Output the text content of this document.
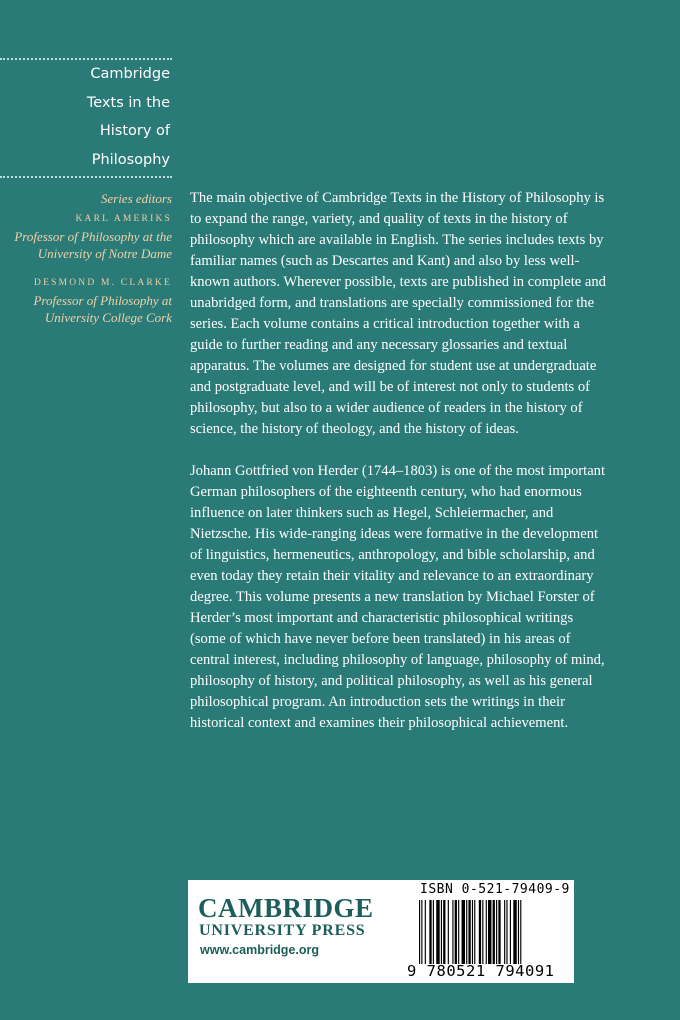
Cambridge
Texts in the
History of
Philosophy
Series editors
KARL AMERIKS
Professor of Philosophy at the
University of Notre Dame
DESMOND M. CLARKE
Professor of Philosophy at
University College Cork

The main objective of Cambridge Texts in the History of Philosophy is to expand the range, variety, and quality of texts in the history of philosophy which are available in English. The series includes texts by familiar names (such as Descartes and Kant) and also by less well-known authors. Wherever possible, texts are published in complete and unabridged form, and translations are specially commissioned for the series. Each volume contains a critical introduction together with a guide to further reading and any necessary glossaries and textual apparatus. The volumes are designed for student use at undergraduate and postgraduate level, and will be of interest not only to students of philosophy, but also to a wider audience of readers in the history of science, the history of theology, and the history of ideas.

Johann Gottfried von Herder (1744–1803) is one of the most important German philosophers of the eighteenth century, who had enormous influence on later thinkers such as Hegel, Schleiermacher, and Nietzsche. His wide-ranging ideas were formative in the development of linguistics, hermeneutics, anthropology, and bible scholarship, and even today they retain their vitality and relevance to an extraordinary degree. This volume presents a new translation by Michael Forster of Herder’s most important and characteristic philosophical writings (some of which have never before been translated) in his areas of central interest, including philosophy of language, philosophy of mind, philosophy of history, and political philosophy, as well as his general philosophical program. An introduction sets the writings in their historical context and examines their philosophical achievement.

CAMBRIDGE
UNIVERSITY PRESS
www.cambridge.org
ISBN 0-521-79409-9
9 780521 794091
